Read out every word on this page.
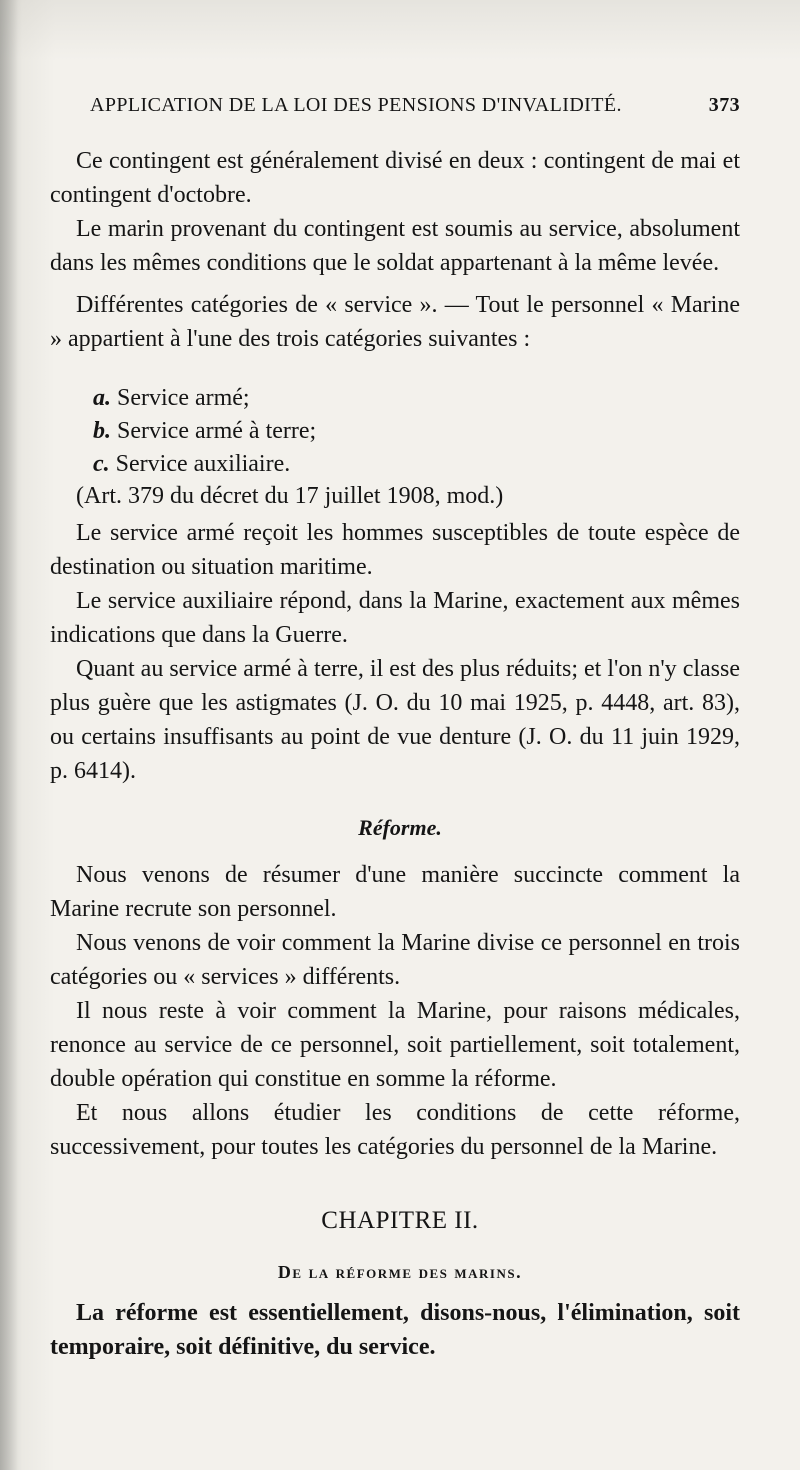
APPLICATION DE LA LOI DES PENSIONS D'INVALIDITÉ.	373

Ce contingent est généralement divisé en deux : contingent de mai et contingent d'octobre.

Le marin provenant du contingent est soumis au service, absolument dans les mêmes conditions que le soldat appartenant à la même levée.

Différentes catégories de « service ». — Tout le personnel « Marine » appartient à l'une des trois catégories suivantes :

a. Service armé;
b. Service armé à terre;
c. Service auxiliaire.
(Art. 379 du décret du 17 juillet 1908, mod.)

Le service armé reçoit les hommes susceptibles de toute espèce de destination ou situation maritime.

Le service auxiliaire répond, dans la Marine, exactement aux mêmes indications que dans la Guerre.

Quant au service armé à terre, il est des plus réduits; et l'on n'y classe plus guère que les astigmates (J. O. du 10 mai 1925, p. 4448, art. 83), ou certains insuffisants au point de vue denture (J. O. du 11 juin 1929, p. 6414).

Réforme.

Nous venons de résumer d'une manière succincte comment la Marine recrute son personnel.

Nous venons de voir comment la Marine divise ce personnel en trois catégories ou « services » différents.

Il nous reste à voir comment la Marine, pour raisons médicales, renonce au service de ce personnel, soit partiellement, soit totalement, double opération qui constitue en somme la réforme.

Et nous allons étudier les conditions de cette réforme, successivement, pour toutes les catégories du personnel de la Marine.

CHAPITRE II.
De la réforme des marins.

La réforme est essentiellement, disons-nous, l'élimination, soit temporaire, soit définitive, du service.
